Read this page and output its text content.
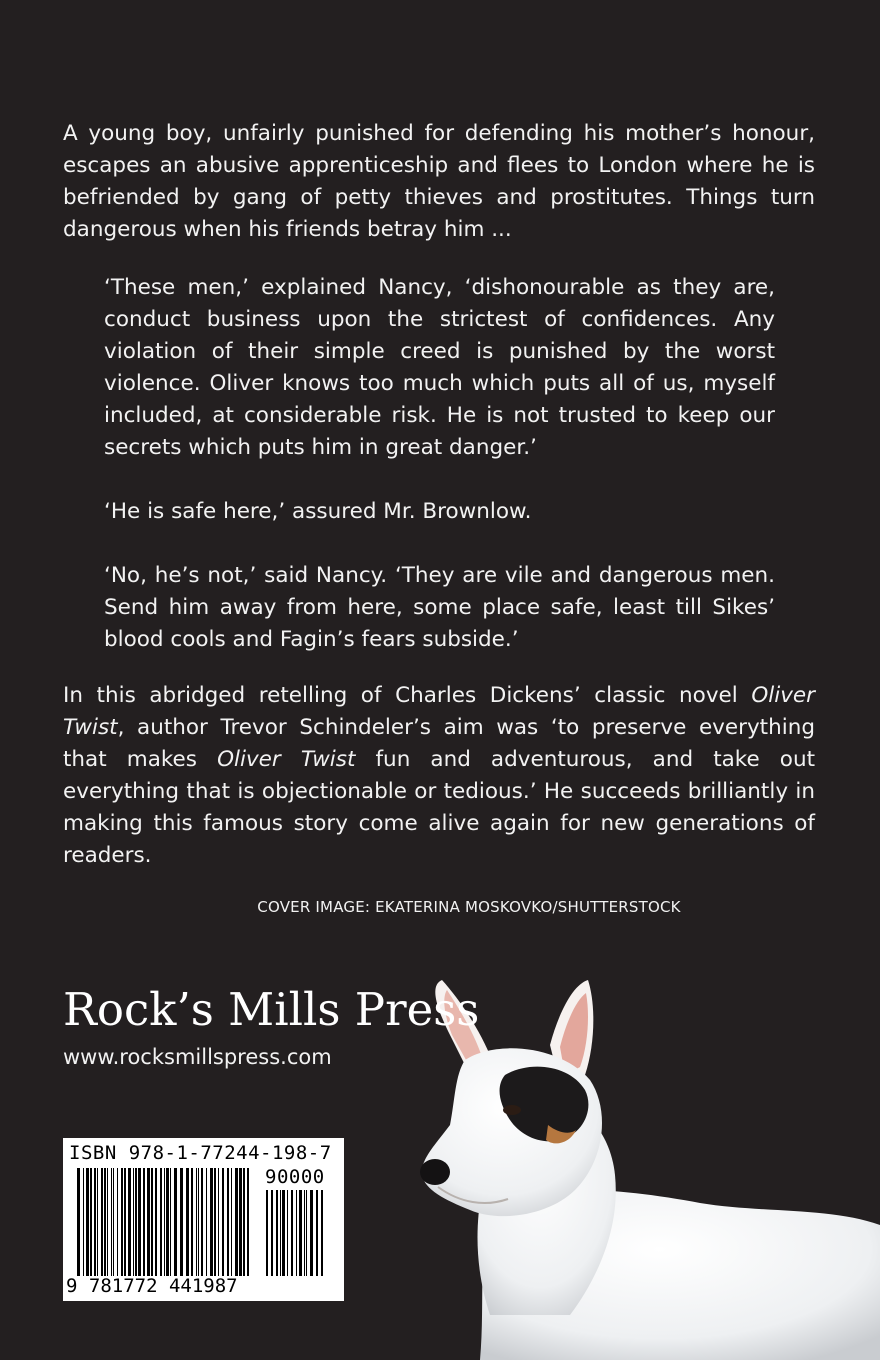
A young boy, unfairly punished for defending his mother’s honour, escapes an abusive apprenticeship and flees to London where he is befriended by gang of petty thieves and prostitutes. Things turn dangerous when his friends betray him ...

‘These men,’ explained Nancy, ‘dishonourable as they are, conduct business upon the strictest of confidences. Any violation of their simple creed is punished by the worst violence. Oliver knows too much which puts all of us, myself included, at considerable risk. He is not trusted to keep our secrets which puts him in great danger.’

‘He is safe here,’ assured Mr. Brownlow.

‘No, he’s not,’ said Nancy. ‘They are vile and dangerous men. Send him away from here, some place safe, least till Sikes’ blood cools and Fagin’s fears subside.’

In this abridged retelling of Charles Dickens’ classic novel Oliver Twist, author Trevor Schindeler’s aim was ‘to preserve everything that makes Oliver Twist fun and adventurous, and take out everything that is objectionable or tedious.’ He succeeds brilliantly in making this famous story come alive again for new generations of readers.

COVER IMAGE: EKATERINA MOSKOVKO/SHUTTERSTOCK
Rock’s Mills Press
www.rocksmillspress.com
ISBN 978-1-77244-198-7
90000
9 781772 441987
